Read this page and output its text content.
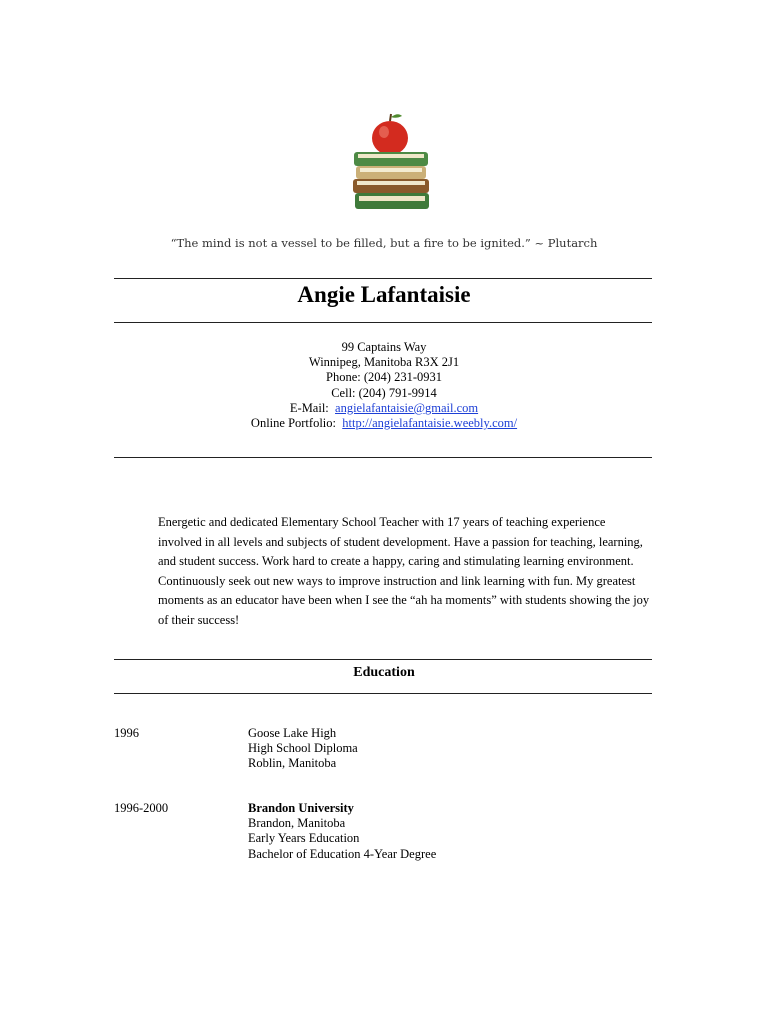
“The mind is not a vessel to be filled, but a fire to be ignited.” ~ Plutarch
Angie Lafantaisie
99 Captains Way
Winnipeg, Manitoba R3X 2J1
Phone: (204) 231-0931
Cell: (204) 791-9914
E-Mail: angielafantaisie@gmail.com
Online Portfolio: http://angielafantaisie.weebly.com/
Energetic and dedicated Elementary School Teacher with 17 years of teaching experience
involved in all levels and subjects of student development. Have a passion for teaching, learning,
and student success. Work hard to create a happy, caring and stimulating learning environment.
Continuously seek out new ways to improve instruction and link learning with fun. My greatest
moments as an educator have been when I see the “ah ha moments” with students showing the joy
of their success!
Education
1996	Goose Lake High
High School Diploma
Roblin, Manitoba
1996-2000	Brandon University
Brandon, Manitoba
Early Years Education
Bachelor of Education 4-Year Degree
